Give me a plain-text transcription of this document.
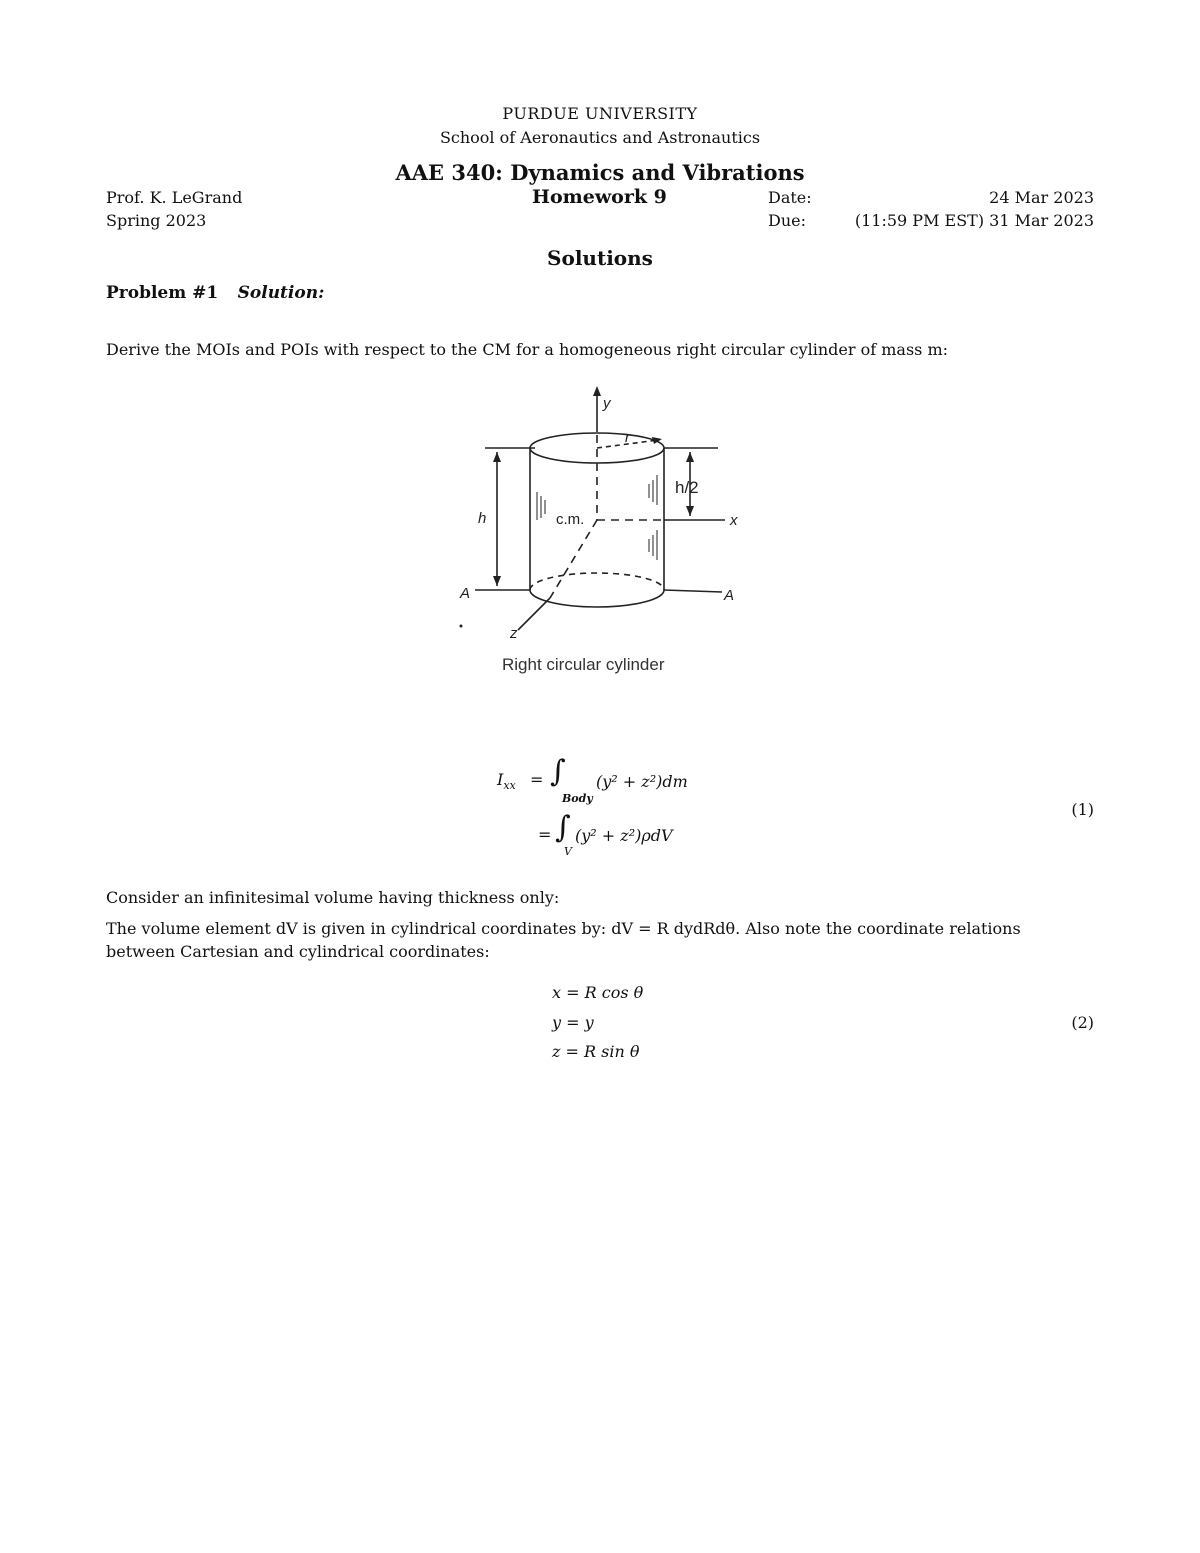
PURDUE UNIVERSITY
School of Aeronautics and Astronautics
AAE 340: Dynamics and Vibrations
Prof. K. LeGrand
Spring 2023
Homework 9	Date:	24 Mar 2023
Due:	(11:59 PM EST) 31 Mar 2023
Solutions
Problem #1 Solution:
Derive the MOIs and POIs with respect to the CM for a homogeneous right circular cylinder of mass m:
y
r
x
z
h
h/2
c.m.
A	A
Right circular cylinder
$I_{xx}$ = ∫
Body
(y² + z²)dm
= ∫
V
(y² + z²)ρdV
(1)
Consider an infinitesimal volume having thickness only:
The volume element dV is given in cylindrical coordinates by: dV = R dydRdθ. Also note the coordinate relations between Cartesian and cylindrical coordinates:
x = R cos θ
y = y
z = R sin θ
(2)
